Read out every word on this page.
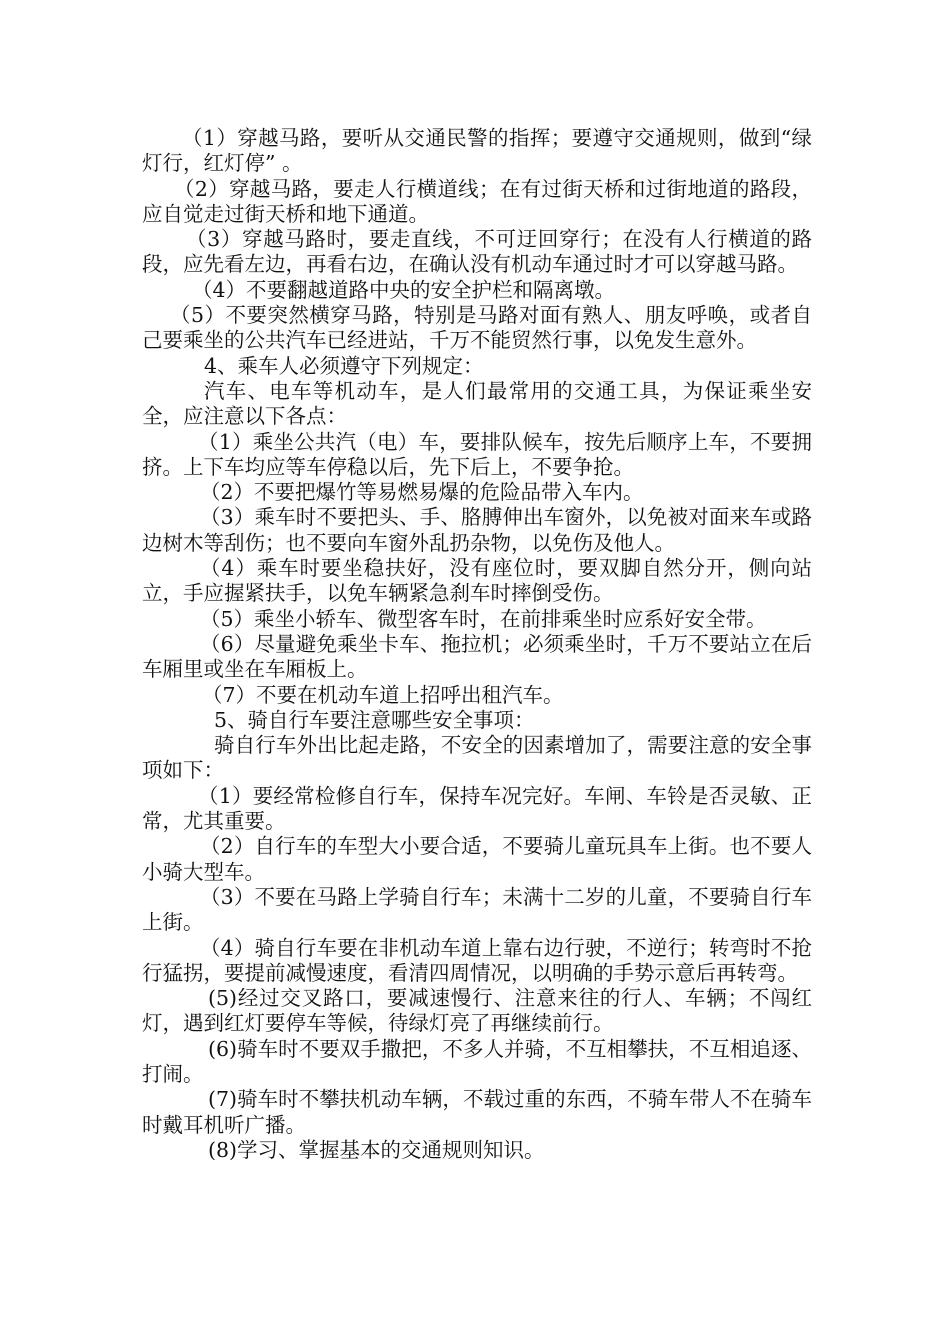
（1）穿越马路，要听从交通民警的指挥；要遵守交通规则，做到“绿灯行，红灯停” 。

（2）穿越马路，要走人行横道线；在有过街天桥和过街地道的路段，应自觉走过街天桥和地下通道。

（3）穿越马路时，要走直线，不可迂回穿行；在没有人行横道的路段，应先看左边，再看右边，在确认没有机动车通过时才可以穿越马路。

（4）不要翻越道路中央的安全护栏和隔离墩。

（5）不要突然横穿马路，特别是马路对面有熟人、朋友呼唤，或者自己要乘坐的公共汽车已经进站，千万不能贸然行事，以免发生意外。

4、乘车人必须遵守下列规定：

汽车、电车等机动车，是人们最常用的交通工具，为保证乘坐安全，应注意以下各点：

（1）乘坐公共汽（电）车，要排队候车，按先后顺序上车，不要拥挤。上下车均应等车停稳以后，先下后上，不要争抢。

（2）不要把爆竹等易燃易爆的危险品带入车内。

（3）乘车时不要把头、手、胳膊伸出车窗外，以免被对面来车或路边树木等刮伤；也不要向车窗外乱扔杂物，以免伤及他人。

（4）乘车时要坐稳扶好，没有座位时，要双脚自然分开，侧向站立，手应握紧扶手，以免车辆紧急刹车时摔倒受伤。

（5）乘坐小轿车、微型客车时，在前排乘坐时应系好安全带。

（6）尽量避免乘坐卡车、拖拉机；必须乘坐时，千万不要站立在后车厢里或坐在车厢板上。

（7）不要在机动车道上招呼出租汽车。

5、骑自行车要注意哪些安全事项：

骑自行车外出比起走路，不安全的因素增加了，需要注意的安全事项如下：

（1）要经常检修自行车，保持车况完好。车闸、车铃是否灵敏、正常，尤其重要。

（2）自行车的车型大小要合适，不要骑儿童玩具车上街。也不要人小骑大型车。

（3）不要在马路上学骑自行车；未满十二岁的儿童，不要骑自行车上街。

（4）骑自行车要在非机动车道上靠右边行驶，不逆行；转弯时不抢行猛拐，要提前减慢速度，看清四周情况，以明确的手势示意后再转弯。

(5)经过交叉路口，要减速慢行、注意来往的行人、车辆；不闯红灯，遇到红灯要停车等候，待绿灯亮了再继续前行。

(6)骑车时不要双手撒把，不多人并骑，不互相攀扶，不互相追逐、打闹。

(7)骑车时不攀扶机动车辆，不载过重的东西，不骑车带人不在骑车时戴耳机听广播。

(8)学习、掌握基本的交通规则知识。
